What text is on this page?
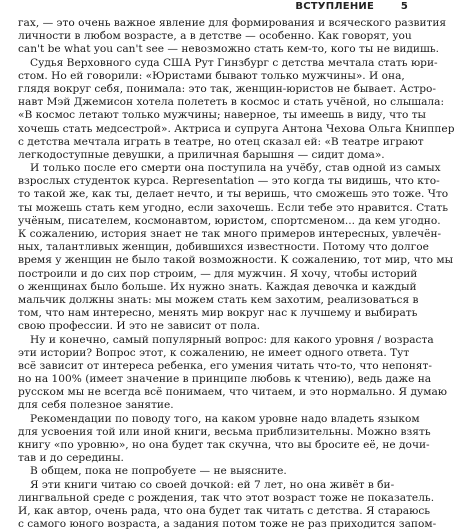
ВСТУПЛЕНИЕ	5
гах, — это очень важное явление для формирования и всяческого развития
личности в любом возрасте, а в детстве — особенно. Как говорят, you
can't be what you can't see — невозможно стать кем-то, кого ты не видишь.
Судья Верховного суда США Рут Гинзбург с детства мечтала стать юри-
стом. Но ей говорили: «Юристами бывают только мужчины». И она,
глядя вокруг себя, понимала: это так, женщин-юристов не бывает. Астро-
навт Мэй Джемисон хотела полететь в космос и стать учёной, но слышала:
«В космос летают только мужчины; наверное, ты имеешь в виду, что ты
хочешь стать медсестрой». Актриса и супруга Антона Чехова Ольга Книппер
с детства мечтала играть в театре, но отец сказал ей: «В театре играют
легкодоступные девушки, а приличная барышня — сидит дома».
И только после его смерти она поступила на учёбу, став одной из самых
взрослых студенток курса. Representation — это когда ты видишь, что кто-
то такой же, как ты, делает нечто, и ты веришь, что сможешь это тоже. Что
ты можешь стать кем угодно, если захочешь. Если тебе это нравится. Стать
учёным, писателем, космонавтом, юристом, спортсменом... да кем угодно.
К сожалению, история знает не так много примеров интересных, увлечён-
ных, талантливых женщин, добившихся известности. Потому что долгое
время у женщин не было такой возможности. К сожалению, тот мир, что мы
построили и до сих пор строим, — для мужчин. Я хочу, чтобы историй
о женщинах было больше. Их нужно знать. Каждая девочка и каждый
мальчик должны знать: мы можем стать кем захотим, реализоваться в
том, что нам интересно, менять мир вокруг нас к лучшему и выбирать
свою профессии. И это не зависит от пола.
Ну и конечно, самый популярный вопрос: для какого уровня / возраста
эти истории? Вопрос этот, к сожалению, не имеет одного ответа. Тут
всё зависит от интереса ребенка, его умения читать что-то, что непонят-
но на 100% (имеет значение в принципе любовь к чтению), ведь даже на
русском мы не всегда всё понимаем, что читаем, и это нормально. Я думаю
для себя полезное занятие.
Рекомендации по поводу того, на каком уровне надо владеть языком
для усвоения той или иной книги, весьма приблизительны. Можно взять
книгу «по уровню», но она будет так скучна, что вы бросите её, не дочи-
тав и до середины.
В общем, пока не попробуете — не выясните.
Я эти книги читаю со своей дочкой: ей 7 лет, но она живёт в би-
лингвальной среде с рождения, так что этот возраст тоже не показатель.
И, как автор, очень рада, что она будет так читать с детства. Я стараюсь
с самого юного возраста, а задания потом тоже не раз приходится запом-
